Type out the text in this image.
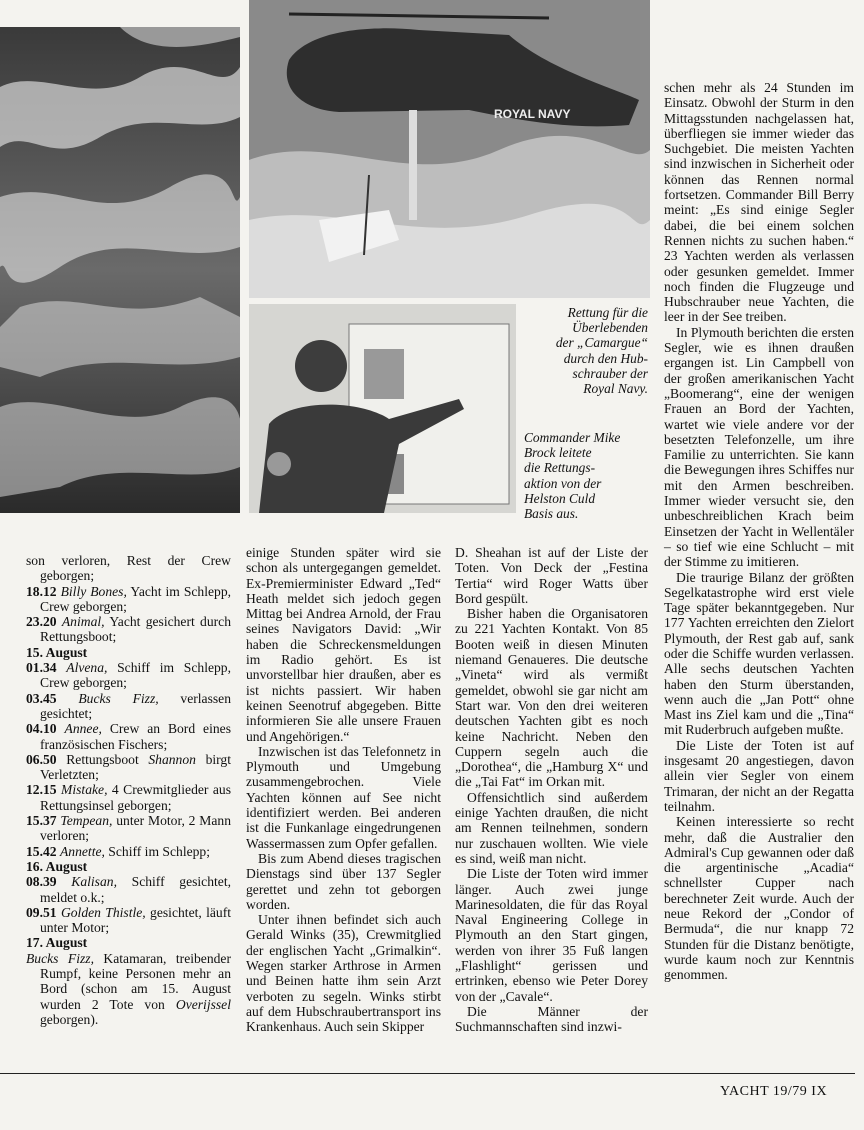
ROYAL NAVY
Rettung für die
Überlebenden
der „Camargue“
durch den Hub-
schrauber der
Royal Navy.
Commander Mike
Brock leitete
die Rettungs-
aktion von der
Helston Culd
Basis aus.

son verloren, Rest der Crew geborgen;

18.12 Billy Bones, Yacht im Schlepp, Crew geborgen;

23.20 Animal, Yacht gesichert durch Rettungsboot;

15. August

01.34 Alvena, Schiff im Schlepp, Crew geborgen;

03.45 Bucks Fizz, verlassen gesichtet;

04.10 Annee, Crew an Bord eines französischen Fischers;

06.50 Rettungsboot Shannon birgt Verletzten;

12.15 Mistake, 4 Crewmitglieder aus Rettungsinsel geborgen;

15.37 Tempean, unter Motor, 2 Mann verloren;

15.42 Annette, Schiff im Schlepp;

16. August

08.39 Kalisan, Schiff gesichtet, meldet o.k.;

09.51 Golden Thistle, gesichtet, läuft unter Motor;

17. August

Bucks Fizz, Katamaran, treibender Rumpf, keine Personen mehr an Bord (schon am 15. August wurden 2 Tote von Overijssel geborgen).

einige Stunden später wird sie schon als untergegangen gemeldet. Ex-Premierminister Edward „Ted“ Heath meldet sich jedoch gegen Mittag bei Andrea Arnold, der Frau seines Navigators David: „Wir haben die Schreckensmeldungen im Radio gehört. Es ist unvorstellbar hier draußen, aber es ist nichts passiert. Wir haben keinen Seenotruf abgegeben. Bitte informieren Sie alle unsere Frauen und Angehörigen.“

Inzwischen ist das Telefonnetz in Plymouth und Umgebung zusammengebrochen. Viele Yachten können auf See nicht identifiziert werden. Bei anderen ist die Funkanlage eingedrungenen Wassermassen zum Opfer gefallen.

Bis zum Abend dieses tragischen Dienstags sind über 137 Segler gerettet und zehn tot geborgen worden.

Unter ihnen befindet sich auch Gerald Winks (35), Crewmitglied der englischen Yacht „Grimalkin“. Wegen starker Arthrose in Armen und Beinen hatte ihm sein Arzt verboten zu segeln. Winks stirbt auf dem Hubschraubertransport ins Krankenhaus. Auch sein Skipper

D. Sheahan ist auf der Liste der Toten. Von Deck der „Festina Tertia“ wird Roger Watts über Bord gespült.

Bisher haben die Organisatoren zu 221 Yachten Kontakt. Von 85 Booten weiß in diesen Minuten niemand Genaueres. Die deutsche „Vineta“ wird als vermißt gemeldet, obwohl sie gar nicht am Start war. Von den drei weiteren deutschen Yachten gibt es noch keine Nachricht. Neben den Cuppern segeln auch die „Dorothea“, die „Hamburg X“ und die „Tai Fat“ im Orkan mit.

Offensichtlich sind außerdem einige Yachten draußen, die nicht am Rennen teilnehmen, sondern nur zuschauen wollten. Wie viele es sind, weiß man nicht.

Die Liste der Toten wird immer länger. Auch zwei junge Marinesoldaten, die für das Royal Naval Engineering College in Plymouth an den Start gingen, werden von ihrer 35 Fuß langen „Flashlight“ gerissen und ertrinken, ebenso wie Peter Dorey von der „Cavale“.

Die Männer der Suchmannschaften sind inzwi-

schen mehr als 24 Stunden im Einsatz. Obwohl der Sturm in den Mittagsstunden nachgelassen hat, überfliegen sie immer wieder das Suchgebiet. Die meisten Yachten sind inzwischen in Sicherheit oder können das Rennen normal fortsetzen. Commander Bill Berry meint: „Es sind einige Segler dabei, die bei einem solchen Rennen nichts zu suchen haben.“ 23 Yachten werden als verlassen oder gesunken gemeldet. Immer noch finden die Flugzeuge und Hubschrauber neue Yachten, die leer in der See treiben.

In Plymouth berichten die ersten Segler, wie es ihnen draußen ergangen ist. Lin Campbell von der großen amerikanischen Yacht „Boomerang“, eine der wenigen Frauen an Bord der Yachten, wartet wie viele andere vor der besetzten Telefonzelle, um ihre Familie zu unterrichten. Sie kann die Bewegungen ihres Schiffes nur mit den Armen beschreiben. Immer wieder versucht sie, den unbeschreiblichen Krach beim Einsetzen der Yacht in Wellentäler – so tief wie eine Schlucht – mit der Stimme zu imitieren.

Die traurige Bilanz der größten Segelkatastrophe wird erst viele Tage später bekanntgegeben. Nur 177 Yachten erreichten den Zielort Plymouth, der Rest gab auf, sank oder die Schiffe wurden verlassen. Alle sechs deutschen Yachten haben den Sturm überstanden, wenn auch die „Jan Pott“ ohne Mast ins Ziel kam und die „Tina“ mit Ruderbruch aufgeben mußte.

Die Liste der Toten ist auf insgesamt 20 angestiegen, davon allein vier Segler von einem Trimaran, der nicht an der Regatta teilnahm.

Keinen interessierte so recht mehr, daß die Australier den Admiral's Cup gewannen oder daß die argentinische „Acadia“ schnellster Cupper nach berechneter Zeit wurde. Auch der neue Rekord der „Condor of Bermuda“, die nur knapp 72 Stunden für die Distanz benötigte, wurde kaum noch zur Kenntnis genommen.

YACHT 19/79 IX
